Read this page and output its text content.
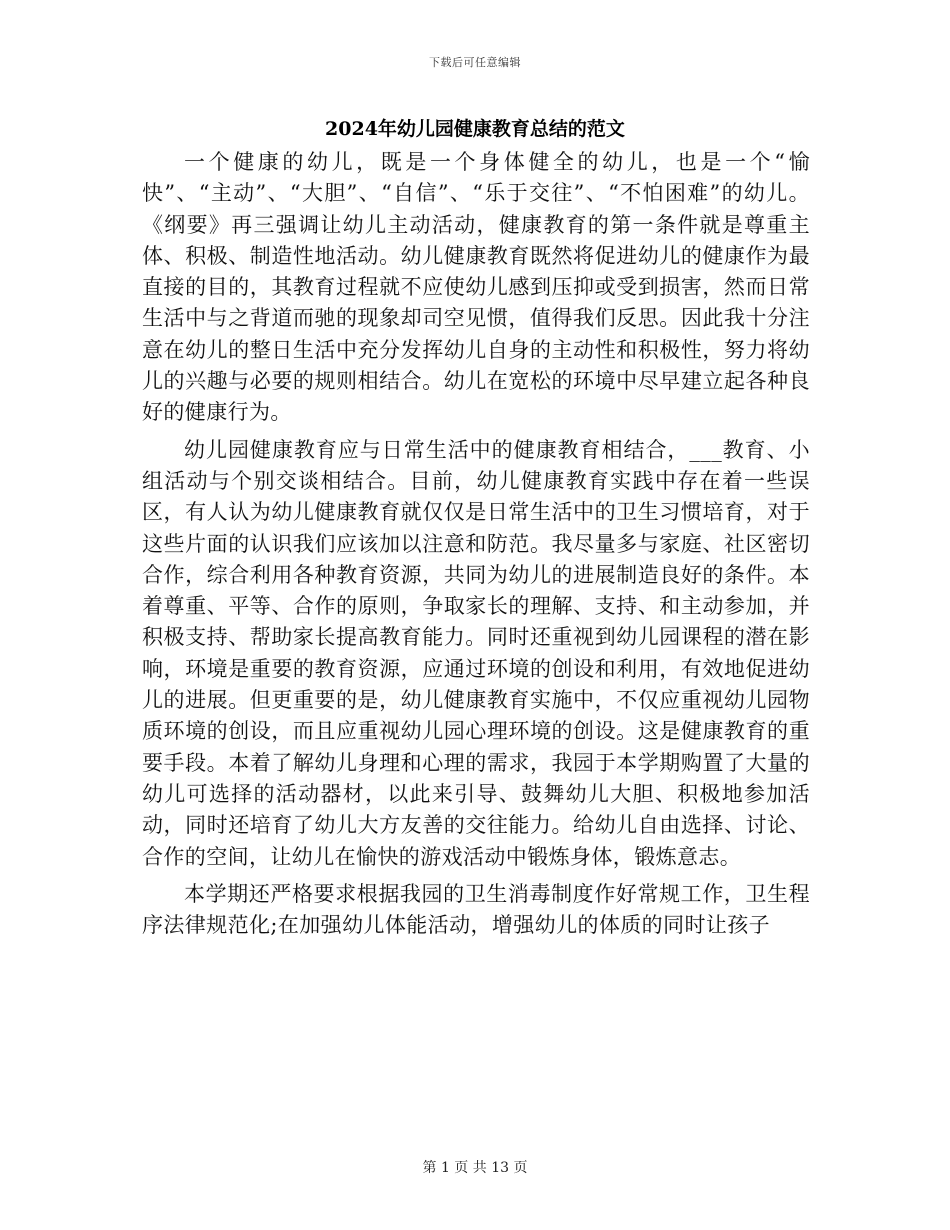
下载后可任意编辑
2024年幼儿园健康教育总结的范文

一个健康的幼儿，既是一个身体健全的幼儿，也是一个“愉快”、“主动”、“大胆”、“自信”、“乐于交往”、“不怕困难”的幼儿。《纲要》再三强调让幼儿主动活动，健康教育的第一条件就是尊重主体、积极、制造性地活动。幼儿健康教育既然将促进幼儿的健康作为最直接的目的，其教育过程就不应使幼儿感到压抑或受到损害，然而日常生活中与之背道而驰的现象却司空见惯，值得我们反思。因此我十分注意在幼儿的整日生活中充分发挥幼儿自身的主动性和积极性，努力将幼儿的兴趣与必要的规则相结合。幼儿在宽松的环境中尽早建立起各种良好的健康行为。

幼儿园健康教育应与日常生活中的健康教育相结合，___教育、小组活动与个别交谈相结合。目前，幼儿健康教育实践中存在着一些误区，有人认为幼儿健康教育就仅仅是日常生活中的卫生习惯培育，对于这些片面的认识我们应该加以注意和防范。我尽量多与家庭、社区密切合作，综合利用各种教育资源，共同为幼儿的进展制造良好的条件。本着尊重、平等、合作的原则，争取家长的理解、支持、和主动参加，并积极支持、帮助家长提高教育能力。同时还重视到幼儿园课程的潜在影响，环境是重要的教育资源，应通过环境的创设和利用，有效地促进幼儿的进展。但更重要的是，幼儿健康教育实施中，不仅应重视幼儿园物质环境的创设，而且应重视幼儿园心理环境的创设。这是健康教育的重要手段。本着了解幼儿身理和心理的需求，我园于本学期购置了大量的幼儿可选择的活动器材，以此来引导、鼓舞幼儿大胆、积极地参加活动，同时还培育了幼儿大方友善的交往能力。给幼儿自由选择、讨论、合作的空间，让幼儿在愉快的游戏活动中锻炼身体，锻炼意志。

本学期还严格要求根据我园的卫生消毒制度作好常规工作，卫生程序法律规范化;在加强幼儿体能活动，增强幼儿的体质的同时让孩子

第 1 页 共 13 页
